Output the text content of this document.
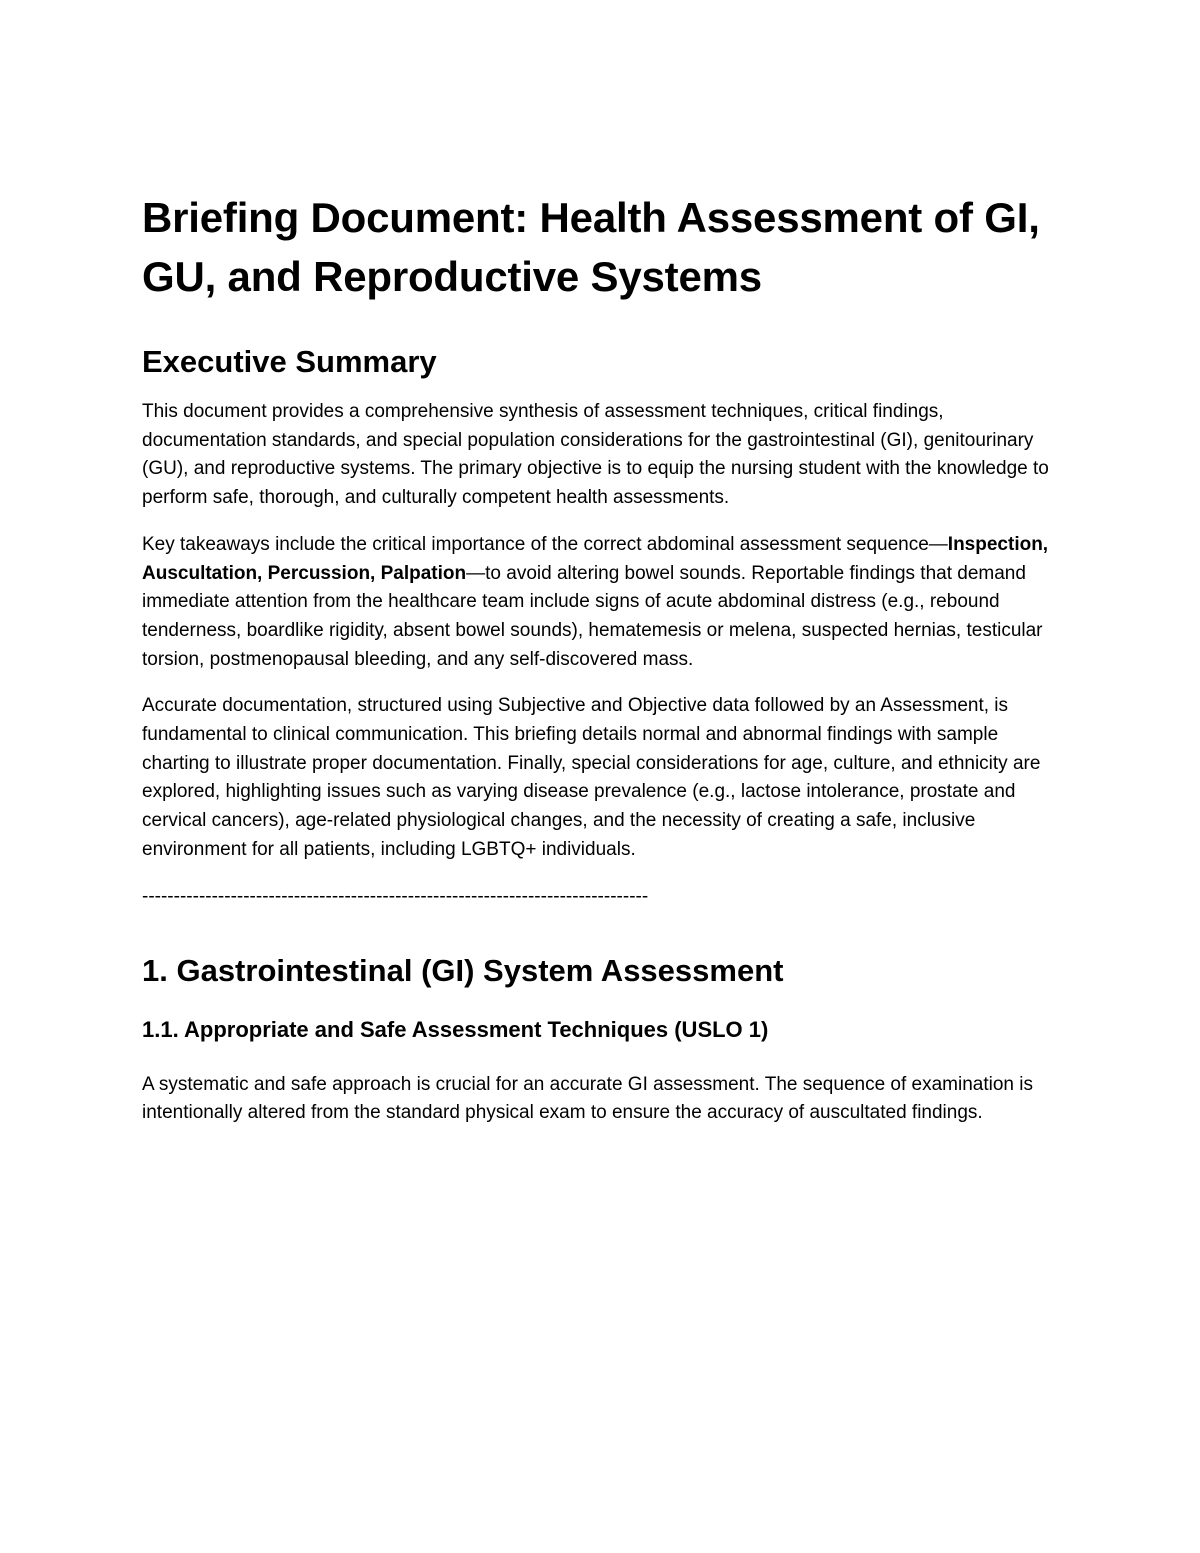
Briefing Document: Health Assessment of GI, GU, and Reproductive Systems
Executive Summary

This document provides a comprehensive synthesis of assessment techniques, critical findings, documentation standards, and special population considerations for the gastrointestinal (GI), genitourinary (GU), and reproductive systems. The primary objective is to equip the nursing student with the knowledge to perform safe, thorough, and culturally competent health assessments.

Key takeaways include the critical importance of the correct abdominal assessment sequence—Inspection, Auscultation, Percussion, Palpation—to avoid altering bowel sounds. Reportable findings that demand immediate attention from the healthcare team include signs of acute abdominal distress (e.g., rebound tenderness, boardlike rigidity, absent bowel sounds), hematemesis or melena, suspected hernias, testicular torsion, postmenopausal bleeding, and any self-discovered mass.

Accurate documentation, structured using Subjective and Objective data followed by an Assessment, is fundamental to clinical communication. This briefing details normal and abnormal findings with sample charting to illustrate proper documentation. Finally, special considerations for age, culture, and ethnicity are explored, highlighting issues such as varying disease prevalence (e.g., lactose intolerance, prostate and cervical cancers), age-related physiological changes, and the necessity of creating a safe, inclusive environment for all patients, including LGBTQ+ individuals.

--------------------------------------------------------------------------------
1. Gastrointestinal (GI) System Assessment
1.1. Appropriate and Safe Assessment Techniques (USLO 1)

A systematic and safe approach is crucial for an accurate GI assessment. The sequence of examination is intentionally altered from the standard physical exam to ensure the accuracy of auscultated findings.
